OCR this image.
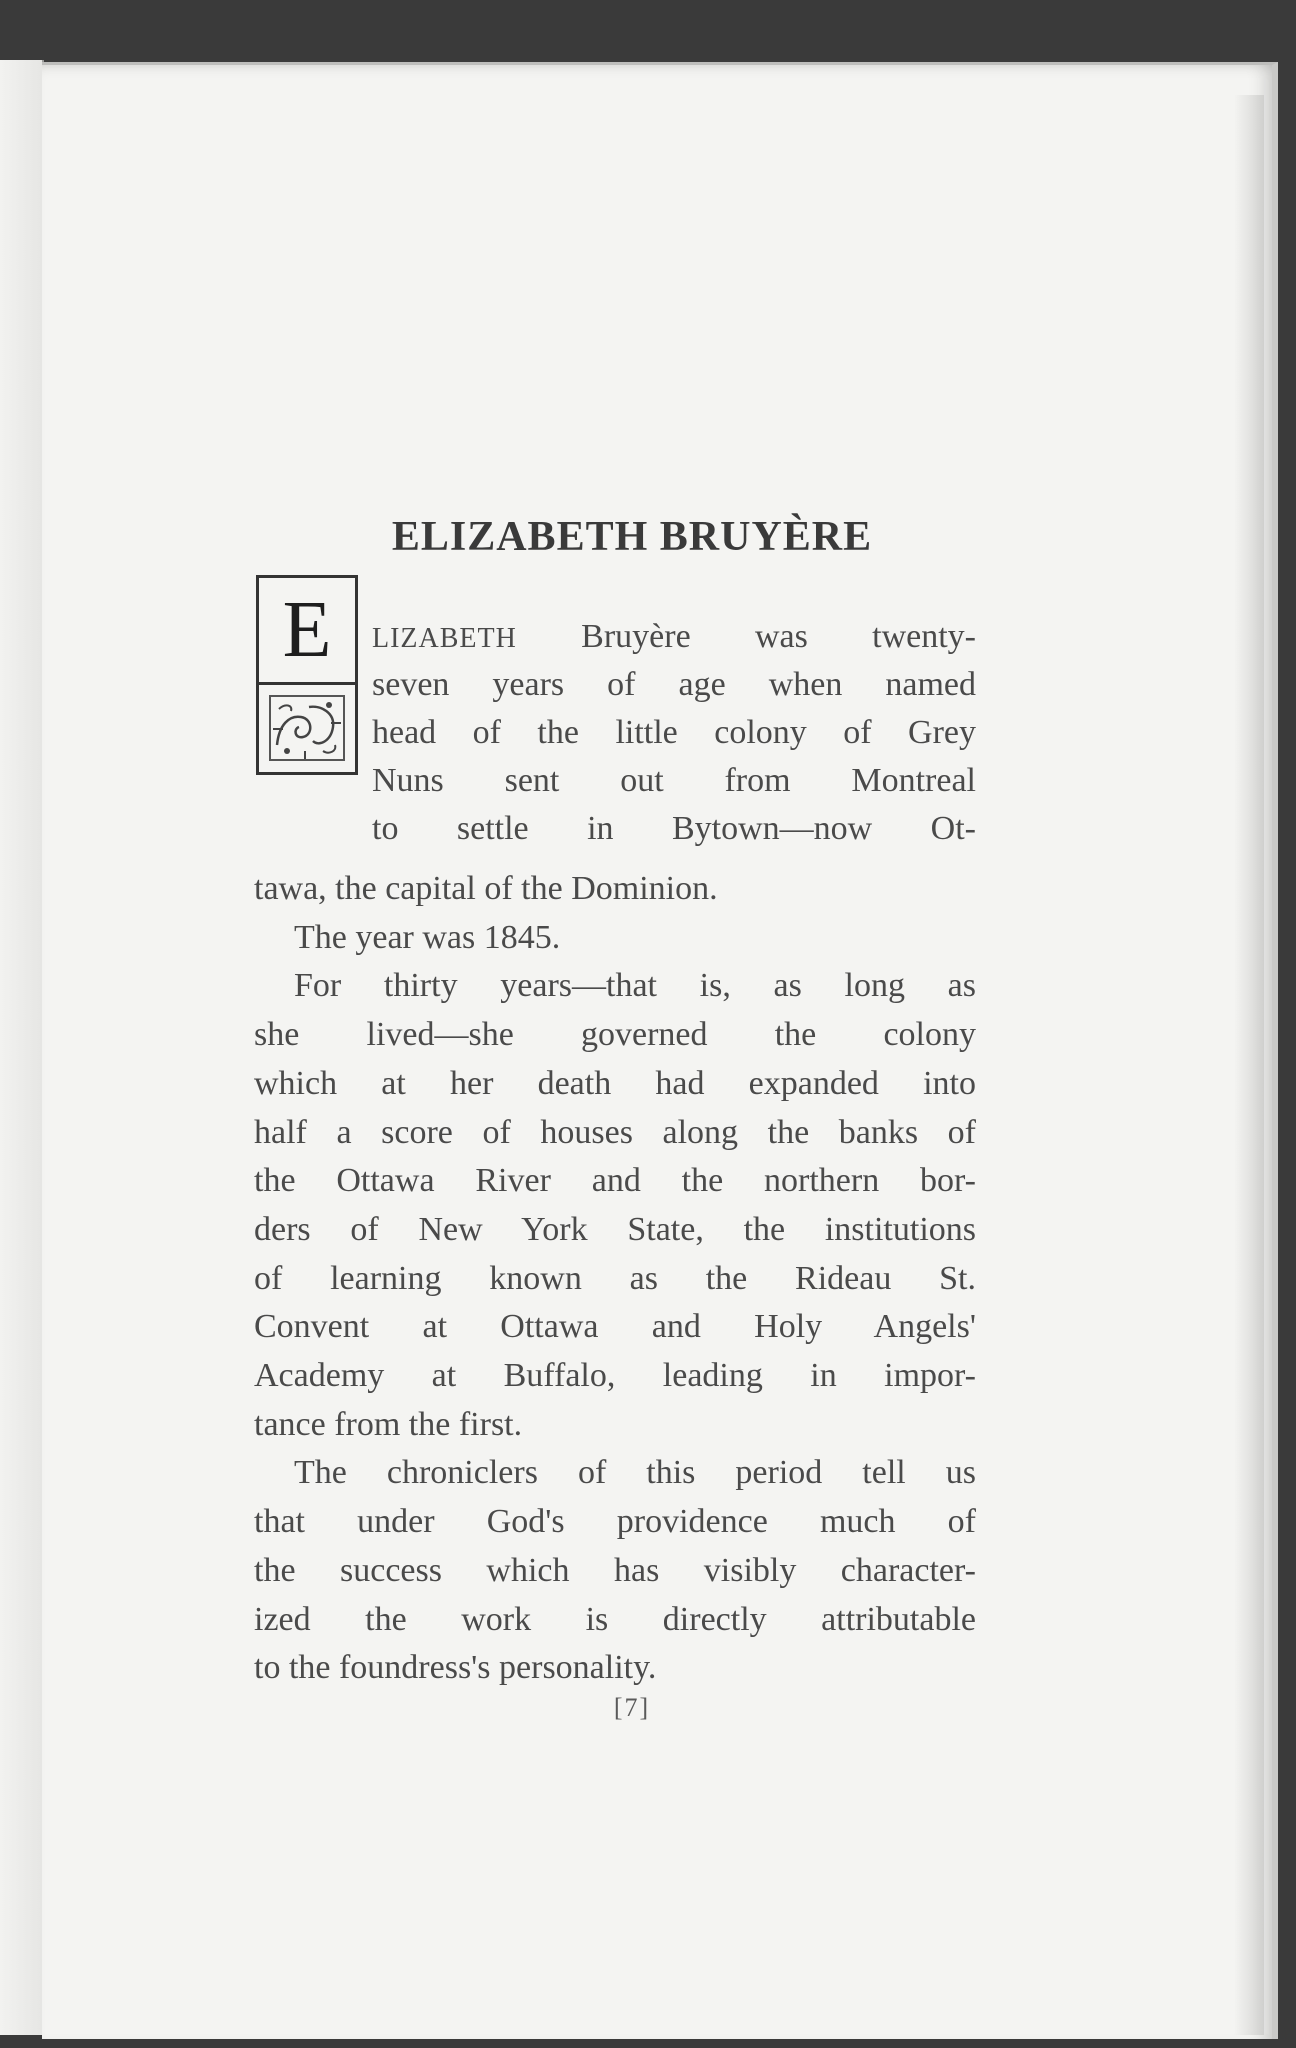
ELIZABETH BRUYÈRE
E	LIZABETH Bruyère was twenty-
seven years of age when named
head of the little colony of Grey
Nuns sent out from Montreal
to settle in Bytown—now Ot-
tawa, the capital of the Dominion.
The year was 1845.
For thirty years—that is, as long as
she lived—she governed the colony
which at her death had expanded into
half a score of houses along the banks of
the Ottawa River and the northern bor-
ders of New York State, the institutions
of learning known as the Rideau St.
Convent at Ottawa and Holy Angels'
Academy at Buffalo, leading in impor-
tance from the first.
The chroniclers of this period tell us
that under God's providence much of
the success which has visibly character-
ized the work is directly attributable
to the foundress's personality.
[7]
